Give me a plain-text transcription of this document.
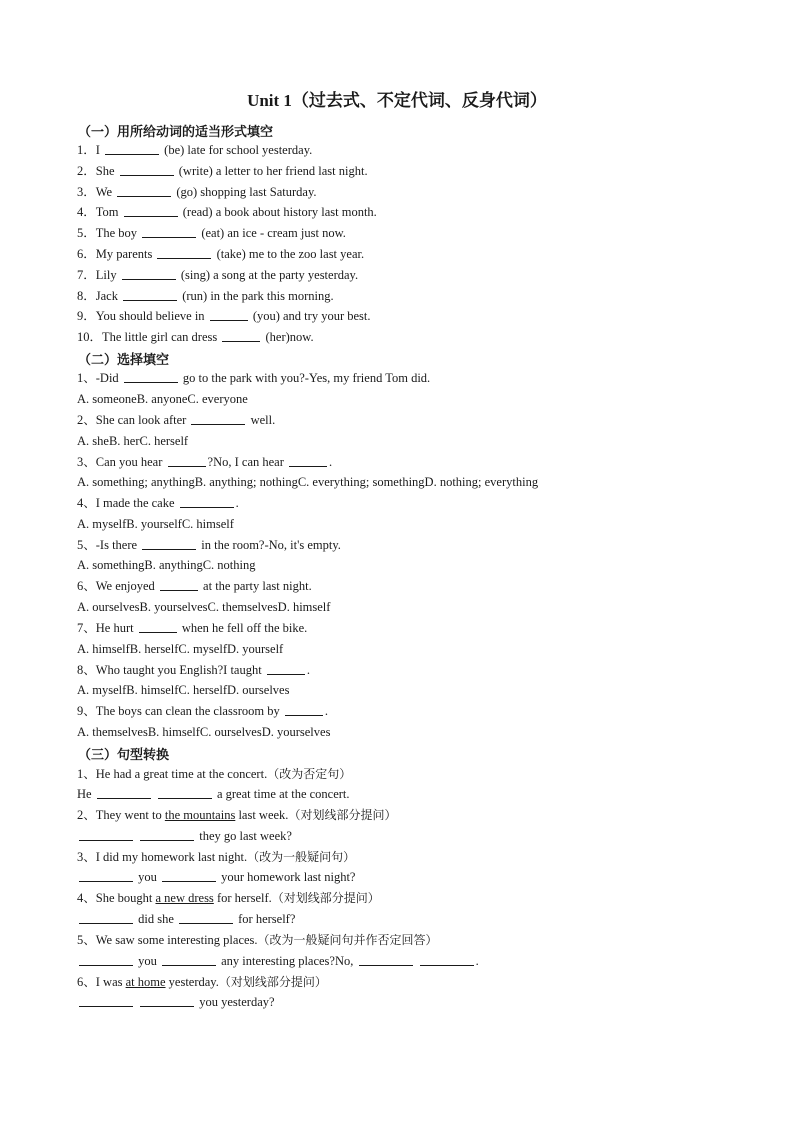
Unit 1（过去式、不定代词、反身代词）
（一）用所给动词的适当形式填空
1．I	(be) late for school yesterday.
2．She	(write) a letter to her friend last night.
3．We	(go) shopping last Saturday.
4．Tom	(read) a book about history last month.
5．The boy	(eat) an ice - cream just now.
6．My parents	(take) me to the zoo last year.
7．Lily	(sing) a song at the party yesterday.
8．Jack	(run) in the park this morning.
9．You should believe in	(you) and try your best.
10．The little girl can dress	(her)now.
（二）选择填空
1、-Did	go to the park with you?-Yes, my friend Tom did.
A. someoneB. anyoneC. everyone
2、She can look after	well.
A. sheB. herC. herself
3、Can you hear	?No, I can hear	.
A. something; anythingB. anything; nothingC. everything; somethingD. nothing; everything
4、I made the cake	.
A. myselfB. yourselfC. himself
5、-Is there	in the room?-No, it's empty.
A. somethingB. anythingC. nothing
6、We enjoyed	at the party last night.
A. ourselvesB. yourselvesC. themselvesD. himself
7、He hurt	when he fell off the bike.
A. himselfB. herselfC. myselfD. yourself
8、Who taught you English?I taught	.
A. myselfB. himselfC. herselfD. ourselves
9、The boys can clean the classroom by	.
A. themselvesB. himselfC. ourselvesD. yourselves
（三）句型转换
1、He had a great time at the concert.（改为否定句）
He	a great time at the concert.
2、They went to the mountains last week.（对划线部分提问）
they go last week?
3、I did my homework last night.（改为一般疑问句）
you	your homework last night?
4、She bought a new dress for herself.（对划线部分提问）
did she	for herself?
5、We saw some interesting places.（改为一般疑问句并作否定回答）
you	any interesting places?No,	.
6、I was at home yesterday.（对划线部分提问）
you yesterday?
